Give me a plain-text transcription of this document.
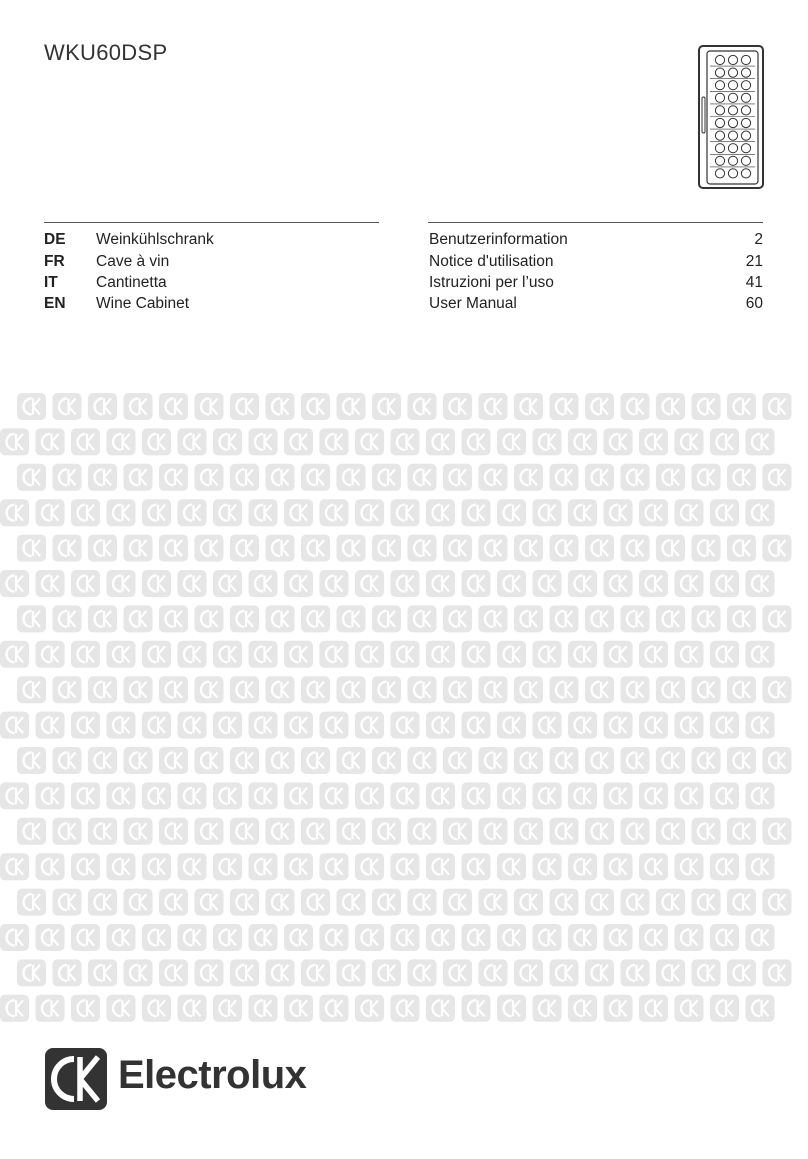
WKU60DSP
DE Weinkühlschrank	Benutzerinformation	2
FR Cave à vin	Notice d'utilisation	21
IT Cantinetta	Istruzioni per l’uso	41
EN Wine Cabinet	User Manual	60
Electrolux
